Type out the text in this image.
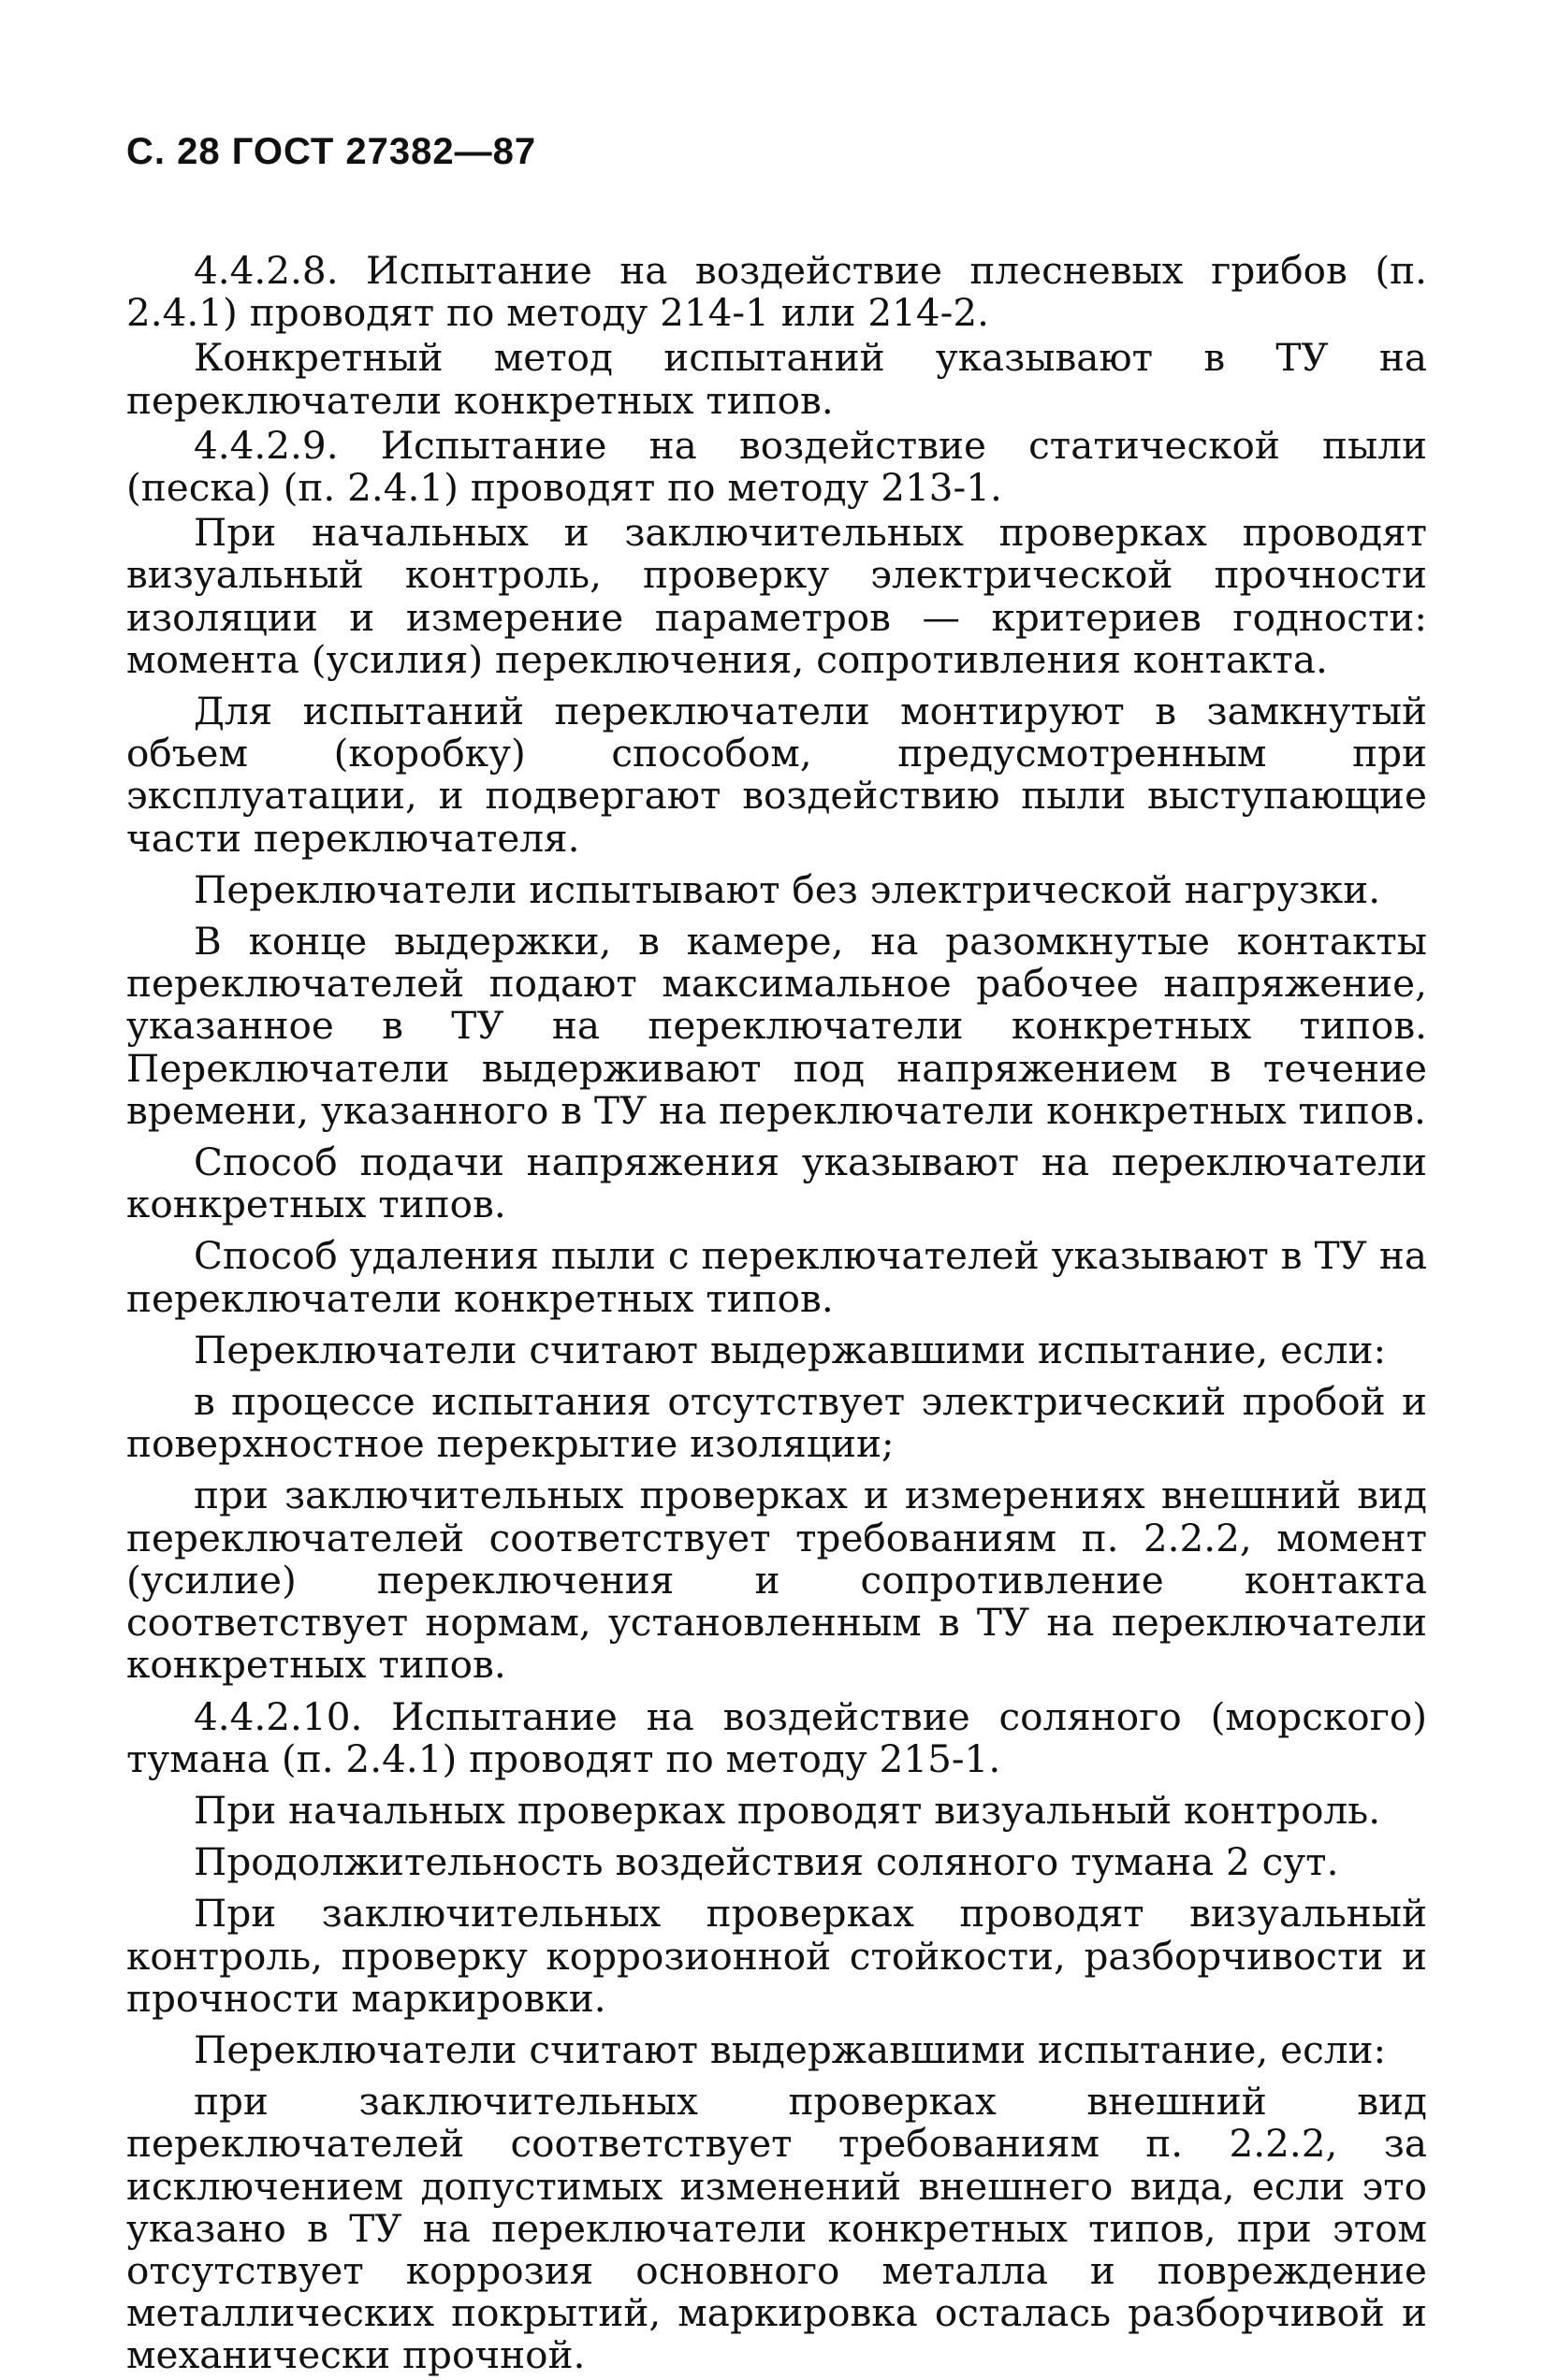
С. 28 ГОСТ 27382—87

4.4.2.8. Испытание на воздействие плесневых грибов (п. 2.4.1) проводят по методу 214-1 или 214-2.

Конкретный метод испытаний указывают в ТУ на переключатели конкретных типов.

4.4.2.9. Испытание на воздействие статической пыли (песка) (п. 2.4.1) проводят по методу 213-1.

При начальных и заключительных проверках проводят визуальный контроль, проверку электрической прочности изоляции и измерение параметров — критериев годности: момента (усилия) переключения, сопротивления контакта.

Для испытаний переключатели монтируют в замкнутый объем (коробку) способом, предусмотренным при эксплуатации, и подвергают воздействию пыли выступающие части переключателя.

Переключатели испытывают без электрической нагрузки.

В конце выдержки, в камере, на разомкнутые контакты переключателей подают максимальное рабочее напряжение, указанное в ТУ на переключатели конкретных типов. Переключатели выдерживают под напряжением в течение времени, указанного в ТУ на переключатели конкретных типов.

Способ подачи напряжения указывают на переключатели конкретных типов.

Способ удаления пыли с переключателей указывают в ТУ на переключатели конкретных типов.

Переключатели считают выдержавшими испытание, если:

в процессе испытания отсутствует электрический пробой и поверхностное перекрытие изоляции;

при заключительных проверках и измерениях внешний вид переключателей соответствует требованиям п. 2.2.2, момент (усилие) переключения и сопротивление контакта соответствует нормам, установленным в ТУ на переключатели конкретных типов.

4.4.2.10. Испытание на воздействие соляного (морского) тумана (п. 2.4.1) проводят по методу 215-1.

При начальных проверках проводят визуальный контроль.

Продолжительность воздействия соляного тумана 2 сут.

При заключительных проверках проводят визуальный контроль, проверку коррозионной стойкости, разборчивости и прочности маркировки.

Переключатели считают выдержавшими испытание, если:

при заключительных проверках внешний вид переключателей соответствует требованиям п. 2.2.2, за исключением допустимых изменений внешнего вида, если это указано в ТУ на переключатели конкретных типов, при этом отсутствует коррозия основного металла и повреждение металлических покрытий, маркировка осталась разборчивой и механически прочной.
